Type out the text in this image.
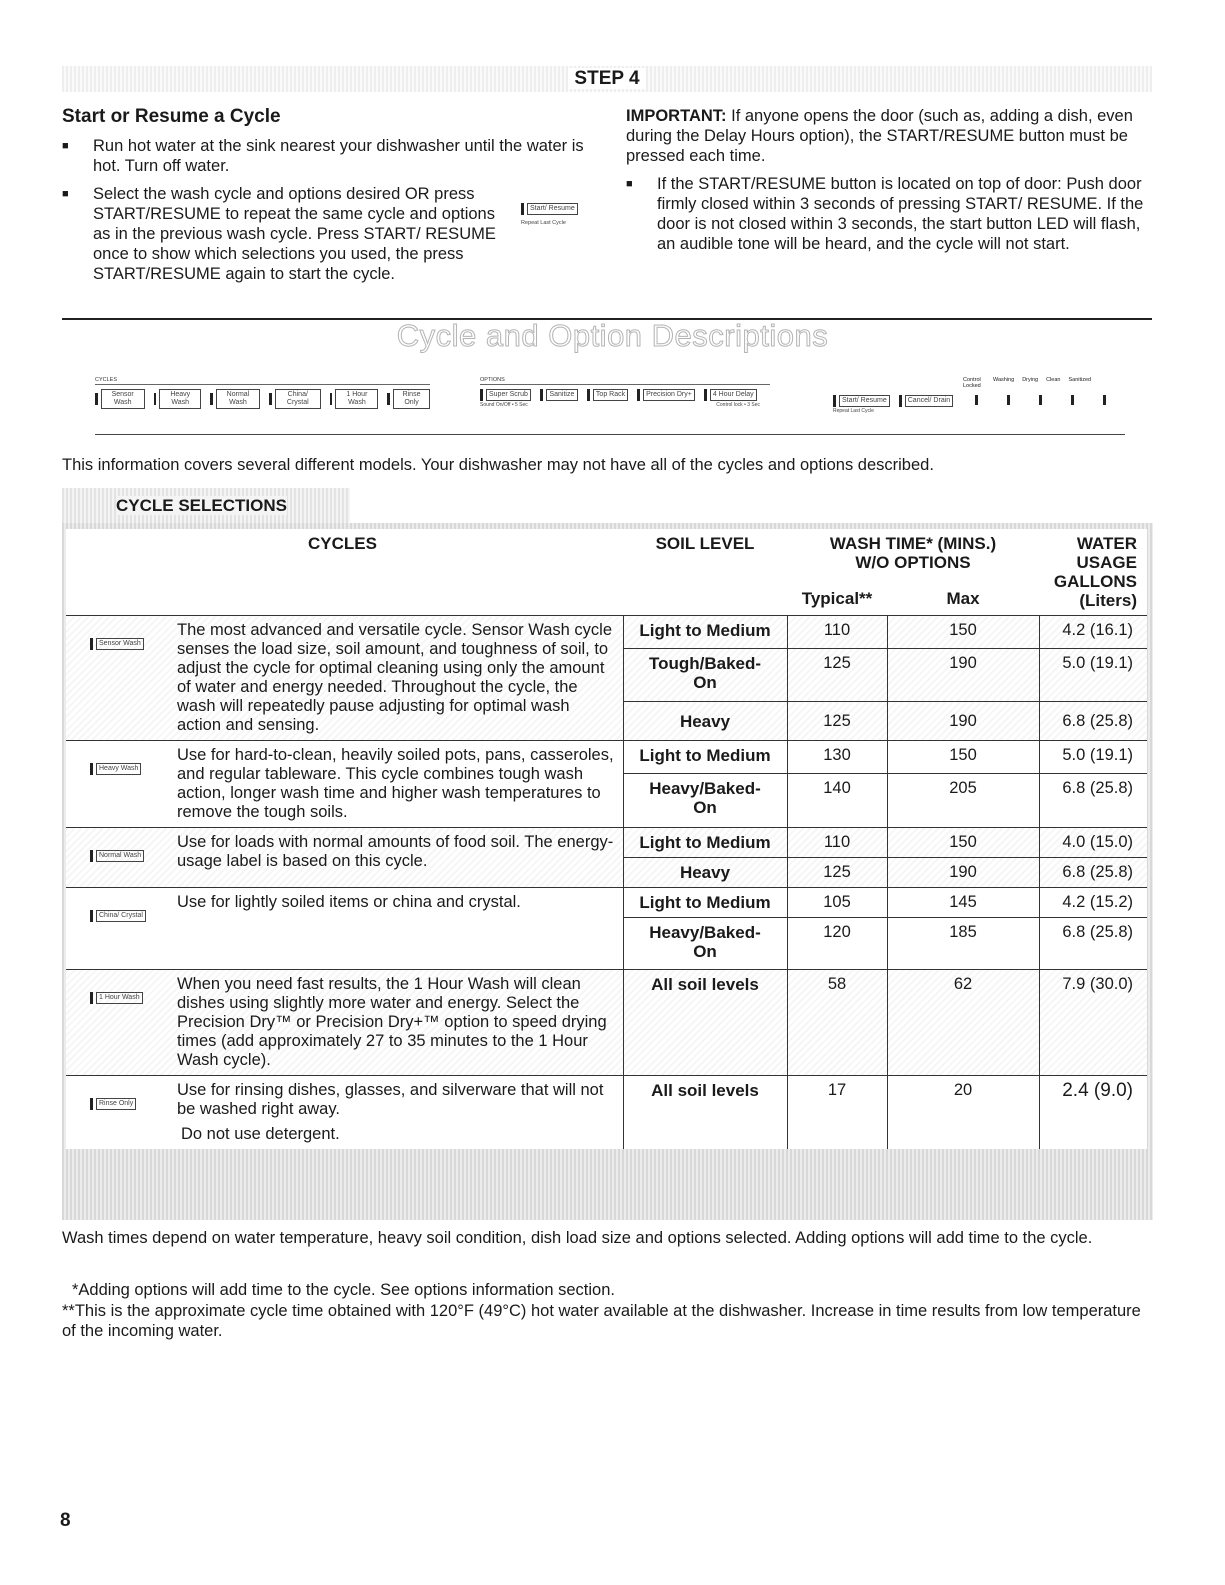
STEP 4
Start or Resume a Cycle
■ Run hot water at the sink nearest your dishwasher until the water is hot. Turn off water.
■ Select the wash cycle and options desired OR press START/RESUME to repeat the same cycle and options as in the previous wash cycle. Press START/ RESUME once to show which selections you used, the press START/RESUME again to start the cycle.
Start/ Resume
Repeat Last Cycle

IMPORTANT: If anyone opens the door (such as, adding a dish, even during the Delay Hours option), the START/RESUME button must be pressed each time.

■ If the START/RESUME button is located on top of door: Push door firmly closed within 3 seconds of pressing START/ RESUME. If the door is not closed within 3 seconds, the start button LED will flash, an audible tone will be heard, and the cycle will not start.
Cycle and Option Descriptions
CYCLES
Sensor Wash
Heavy Wash
Normal Wash
China/ Crystal
1 Hour Wash
Rinse Only
OPTIONS
Super Scrub	Sanitize	Top Rack	Precision Dry+	4 Hour Delay
Sound On/Off • 5 Sec	Control lock • 3 Sec
Start/ Resume	Cancel/ Drain
Repeat Last Cycle
Control Locked
Washing Drying Clean Sanitized
This information covers several different models. Your dishwasher may not have all of the cycles and options described.
CYCLE SELECTIONS
CYCLES	SOIL LEVEL	WASH TIME* (MINS.) W/O OPTIONS		WATER USAGE GALLONS (Liters)
		Typical**	Max	

Sensor Wash
The most advanced and versatile cycle. Sensor Wash cycle senses the load size, soil amount, and toughness of soil, to adjust the cycle for optimal cleaning using only the amount of water and energy needed. Throughout the cycle, the wash will repeatedly pause adjusting for optimal wash action and sensing.	Light to Medium	110	150	4.2 (16.1)
	Tough/Baked-On	125	190	5.0 (19.1)
	Heavy	125	190	6.8 (25.8)

Heavy Wash
Use for hard-to-clean, heavily soiled pots, pans, casseroles, and regular tableware. This cycle combines tough wash action, longer wash time and higher wash temperatures to remove the tough soils.	Light to Medium	130	150	5.0 (19.1)
	Heavy/Baked-On	140	205	6.8 (25.8)

Normal Wash
Use for loads with normal amounts of food soil. The energy-usage label is based on this cycle.	Light to Medium	110	150	4.0 (15.0)
	Heavy	125	190	6.8 (25.8)

China/ Crystal
Use for lightly soiled items or china and crystal.	Light to Medium	105	145	4.2 (15.2)
	Heavy/Baked-On	120	185	6.8 (25.8)

1 Hour Wash
When you need fast results, the 1 Hour Wash will clean dishes using slightly more water and energy. Select the Precision Dry™ or Precision Dry+™ option to speed drying times (add approximately 27 to 35 minutes to the 1 Hour Wash cycle).	All soil levels	58	62	7.9 (30.0)

Rinse Only
Use for rinsing dishes, glasses, and silverware that will not be washed right away.
Do not use detergent.	All soil levels	17	20	2.4 (9.0)
Wash times depend on water temperature, heavy soil condition, dish load size and options selected. Adding options will add time to the cycle.
*Adding options will add time to the cycle. See options information section.
**This is the approximate cycle time obtained with 120°F (49°C) hot water available at the dishwasher. Increase in time results from low temperature of the incoming water.
8
